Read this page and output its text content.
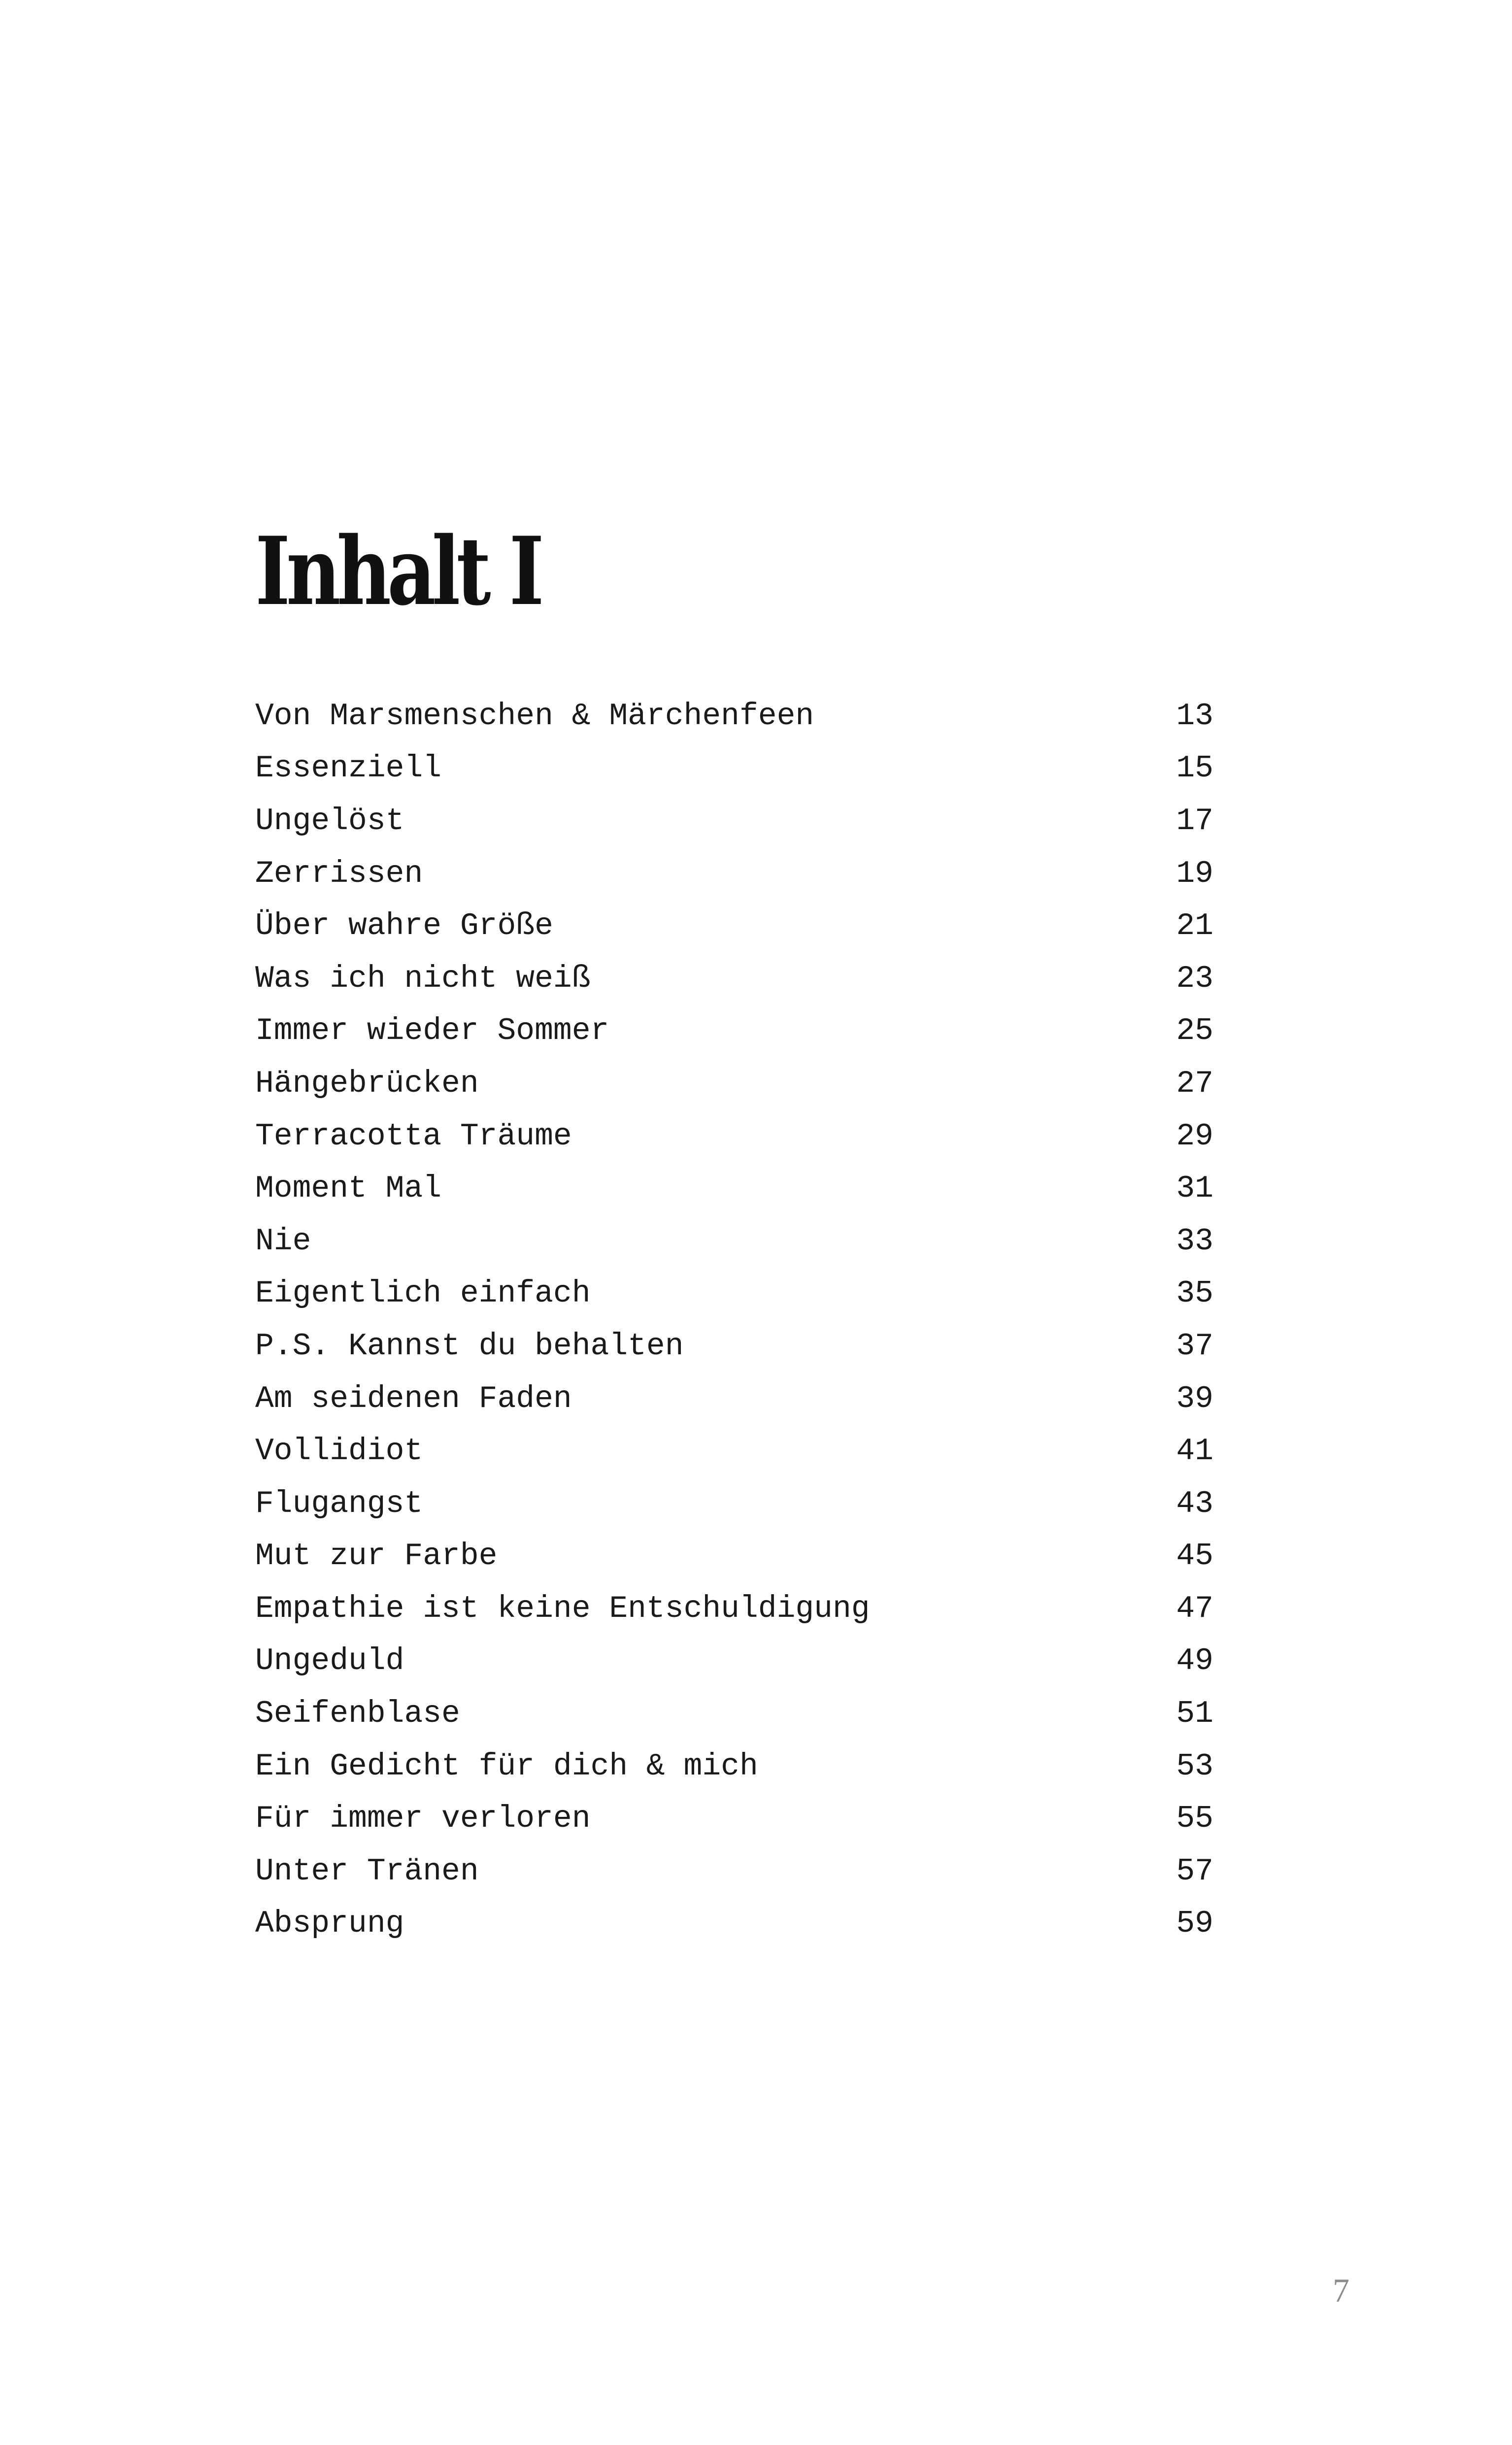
Inhalt I
Von Marsmenschen & Märchenfeen	13
Essenziell	15
Ungelöst	17
Zerrissen	19
Über wahre Größe	21
Was ich nicht weiß	23
Immer wieder Sommer	25
Hängebrücken	27
Terracotta Träume	29
Moment Mal	31
Nie	33
Eigentlich einfach	35
P.S. Kannst du behalten	37
Am seidenen Faden	39
Vollidiot	41
Flugangst	43
Mut zur Farbe	45
Empathie ist keine Entschuldigung	47
Ungeduld	49
Seifenblase	51
Ein Gedicht für dich & mich	53
Für immer verloren	55
Unter Tränen	57
Absprung	59
7
